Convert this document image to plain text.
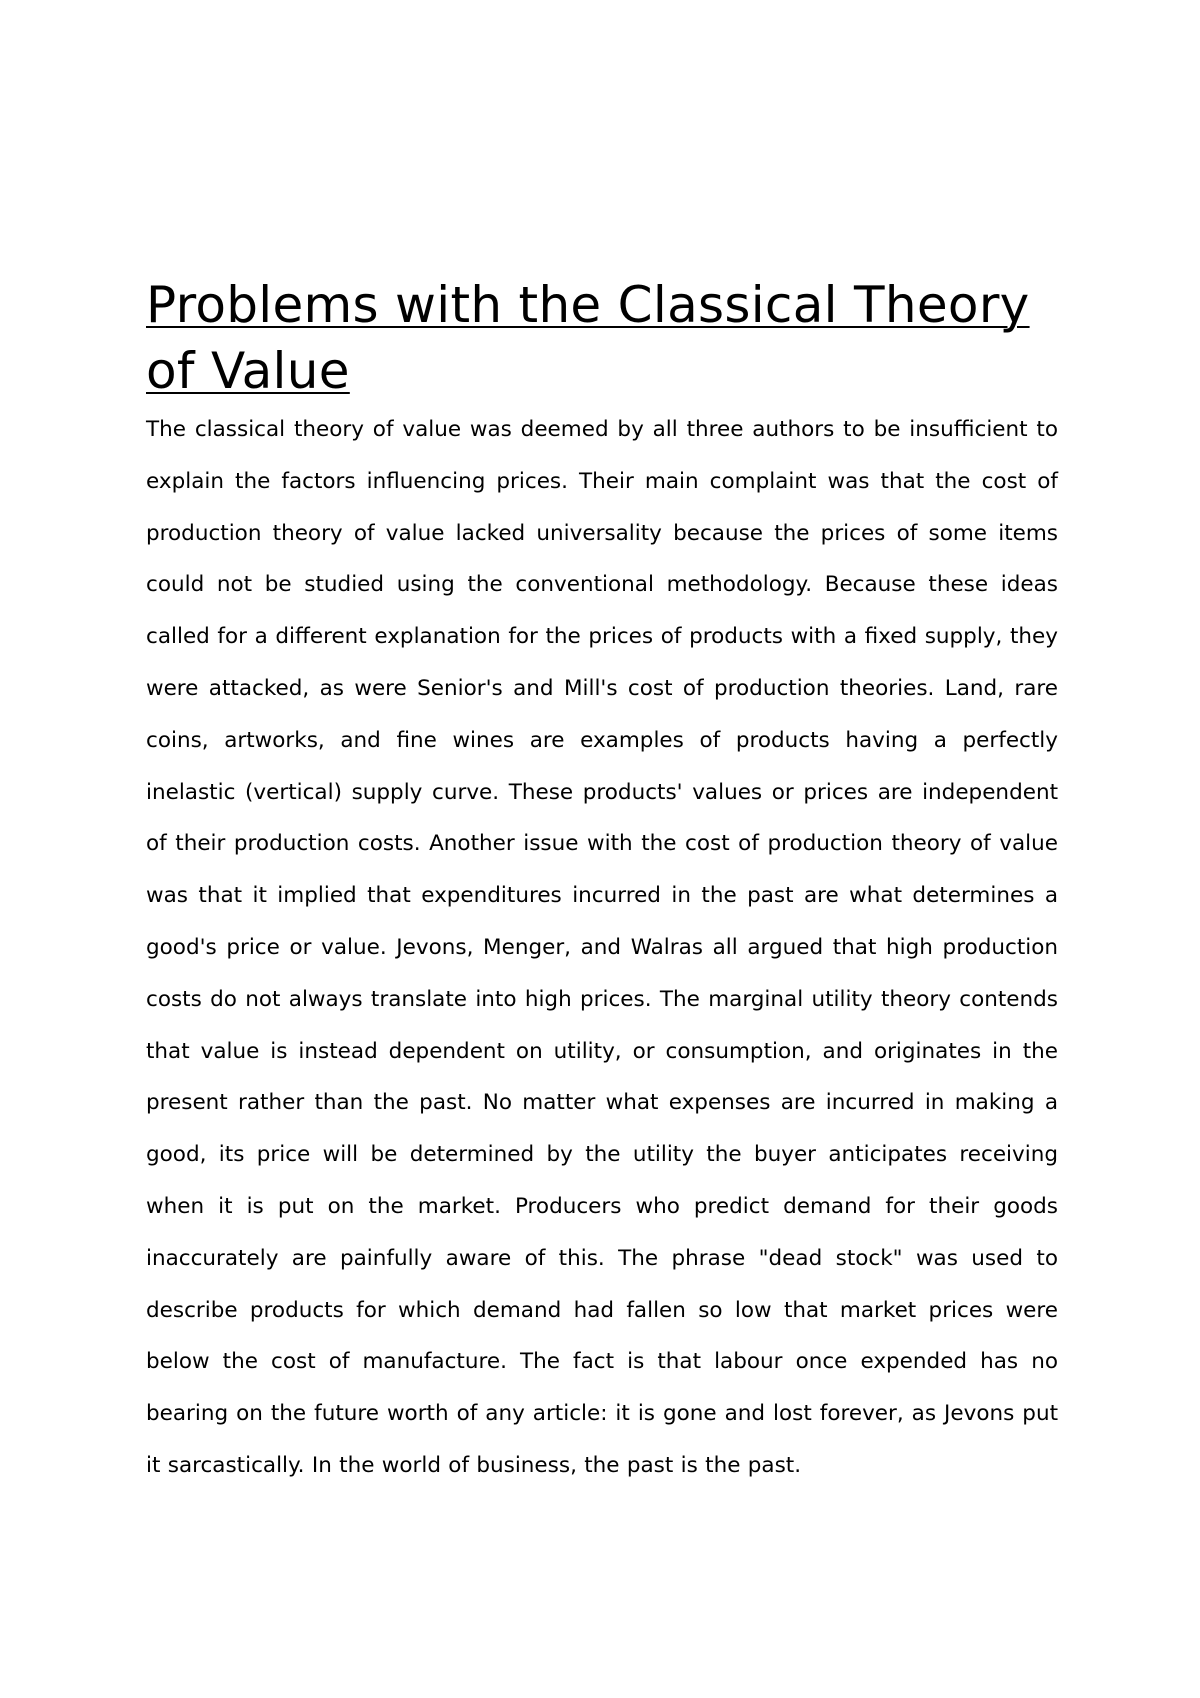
Problems with the Classical Theory of Value

The classical theory of value was deemed by all three authors to be insufficient to explain the factors influencing prices. Their main complaint was that the cost of production theory of value lacked universality because the prices of some items could not be studied using the conventional methodology. Because these ideas called for a different explanation for the prices of products with a fixed supply, they were attacked, as were Senior's and Mill's cost of production theories. Land, rare coins, artworks, and fine wines are examples of products having a perfectly inelastic (vertical) supply curve. These products' values or prices are independent of their production costs. Another issue with the cost of production theory of value was that it implied that expenditures incurred in the past are what determines a good's price or value. Jevons, Menger, and Walras all argued that high production costs do not always translate into high prices. The marginal utility theory contends that value is instead dependent on utility, or consumption, and originates in the present rather than the past. No matter what expenses are incurred in making a good, its price will be determined by the utility the buyer anticipates receiving when it is put on the market. Producers who predict demand for their goods inaccurately are painfully aware of this. The phrase "dead stock" was used to describe products for which demand had fallen so low that market prices were below the cost of manufacture. The fact is that labour once expended has no bearing on the future worth of any article: it is gone and lost forever, as Jevons put it sarcastically. In the world of business, the past is the past.
